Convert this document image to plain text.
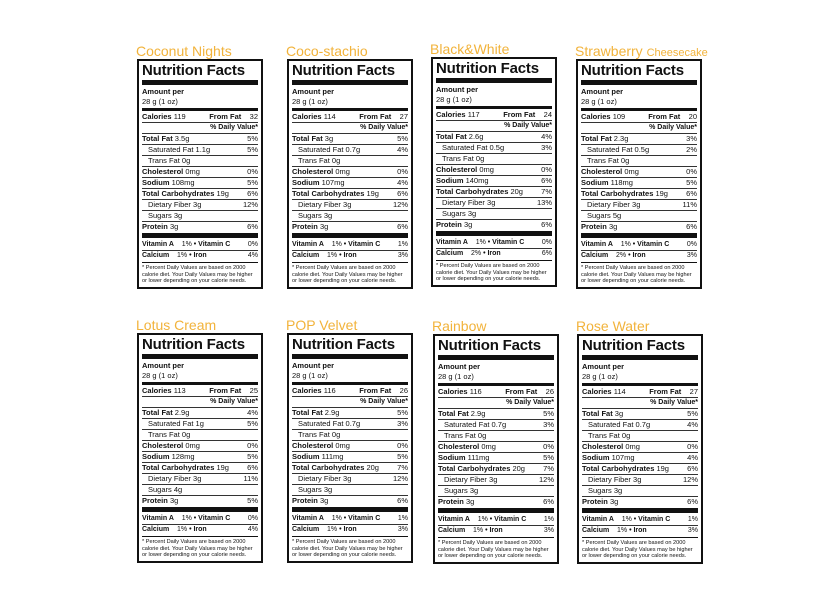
Coconut Nights
Nutrition Facts
Amount per
28 g (1 oz)
Calories 119	From Fat 32
% Daily Value*
Total Fat 3.5g	5%
Saturated Fat 1.1g	5%
Trans Fat 0g
Cholesterol 0mg	0%
Sodium 108mg	5%
Total Carbohydrates 19g 6%
Dietary Fiber 3g	12%
Sugars 3g
Protein 3g	6%
Vitamin A 1% • Vitamin C	0%
Calcium 1% • Iron	4%
* Percent Daily Values are based on 2000 calorie diet. Your Daily Values may be higher or lower depending on your calorie needs.
Coco-stachio
Nutrition Facts
Amount per
28 g (1 oz)
Calories 114	From Fat 27
% Daily Value*
Total Fat 3g	5%
Saturated Fat 0.7g	4%
Trans Fat 0g
Cholesterol 0mg	0%
Sodium 107mg	4%
Total Carbohydrates 19g 6%
Dietary Fiber 3g	12%
Sugars 3g
Protein 3g	6%
Vitamin A 1% • Vitamin C	1%
Calcium 1% • Iron	3%
* Percent Daily Values are based on 2000 calorie diet. Your Daily Values may be higher or lower depending on your calorie needs.
Black&White
Nutrition Facts
Amount per
28 g (1 oz)
Calories 117	From Fat 24
% Daily Value*
Total Fat 2.6g	4%
Saturated Fat 0.5g	3%
Trans Fat 0g
Cholesterol 0mg	0%
Sodium 140mg	6%
Total Carbohydrates 20g 7%
Dietary Fiber 3g	13%
Sugars 3g
Protein 3g	6%
Vitamin A 1% • Vitamin C	0%
Calcium 2% • Iron	6%
* Percent Daily Values are based on 2000 calorie diet. Your Daily Values may be higher or lower depending on your calorie needs.
Strawberry Cheesecake
Nutrition Facts
Amount per
28 g (1 oz)
Calories 109	From Fat 20
% Daily Value*
Total Fat 2.3g	3%
Saturated Fat 0.5g	2%
Trans Fat 0g
Cholesterol 0mg	0%
Sodium 118mg	5%
Total Carbohydrates 19g 6%
Dietary Fiber 3g	11%
Sugars 5g
Protein 3g	6%
Vitamin A 1% • Vitamin C	0%
Calcium 2% • Iron	3%
* Percent Daily Values are based on 2000 calorie diet. Your Daily Values may be higher or lower depending on your calorie needs.
Lotus Cream
Nutrition Facts
Amount per
28 g (1 oz)
Calories 113	From Fat 25
% Daily Value*
Total Fat 2.9g	4%
Saturated Fat 1g	5%
Trans Fat 0g
Cholesterol 0mg	0%
Sodium 128mg	5%
Total Carbohydrates 19g 6%
Dietary Fiber 3g	11%
Sugars 4g
Protein 3g	5%
Vitamin A 1% • Vitamin C	0%
Calcium 1% • Iron	4%
* Percent Daily Values are based on 2000 calorie diet. Your Daily Values may be higher or lower depending on your calorie needs.
POP Velvet
Nutrition Facts
Amount per
28 g (1 oz)
Calories 116	From Fat 26
% Daily Value*
Total Fat 2.9g	5%
Saturated Fat 0.7g	3%
Trans Fat 0g
Cholesterol 0mg	0%
Sodium 111mg	5%
Total Carbohydrates 20g 7%
Dietary Fiber 3g	12%
Sugars 3g
Protein 3g	6%
Vitamin A 1% • Vitamin C	1%
Calcium 1% • Iron	3%
* Percent Daily Values are based on 2000 calorie diet. Your Daily Values may be higher or lower depending on your calorie needs.
Rainbow
Nutrition Facts
Amount per
28 g (1 oz)
Calories 116	From Fat 26
% Daily Value*
Total Fat 2.9g	5%
Saturated Fat 0.7g	3%
Trans Fat 0g
Cholesterol 0mg	0%
Sodium 111mg	5%
Total Carbohydrates 20g 7%
Dietary Fiber 3g	12%
Sugars 3g
Protein 3g	6%
Vitamin A 1% • Vitamin C	1%
Calcium 1% • Iron	3%
* Percent Daily Values are based on 2000 calorie diet. Your Daily Values may be higher or lower depending on your calorie needs.
Rose Water
Nutrition Facts
Amount per
28 g (1 oz)
Calories 114	From Fat 27
% Daily Value*
Total Fat 3g	5%
Saturated Fat 0.7g	4%
Trans Fat 0g
Cholesterol 0mg	0%
Sodium 107mg	4%
Total Carbohydrates 19g 6%
Dietary Fiber 3g	12%
Sugars 3g
Protein 3g	6%
Vitamin A 1% • Vitamin C	1%
Calcium 1% • Iron	3%
* Percent Daily Values are based on 2000 calorie diet. Your Daily Values may be higher or lower depending on your calorie needs.
